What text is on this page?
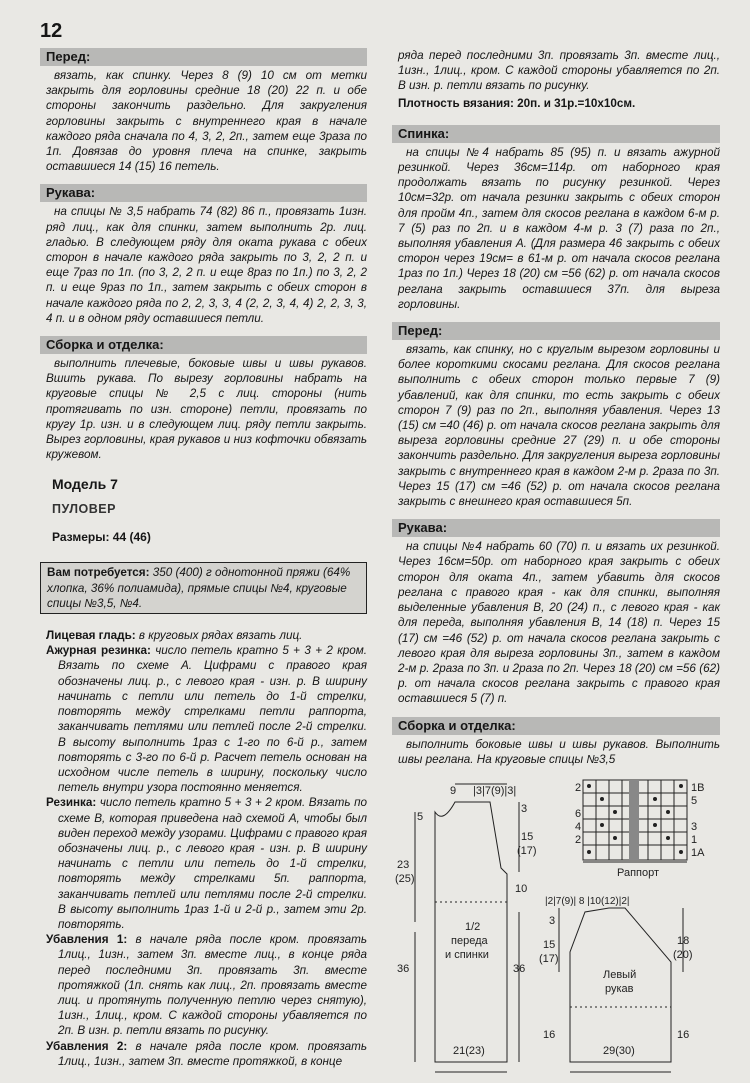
12
Перед:

вязать, как спинку. Через 8 (9) 10 см от метки закрыть для горловины средние 18 (20) 22 п. и обе стороны закончить раздельно. Для закругления горловины закрыть с внутреннего края в начале каждого ряда сначала по 4, 3, 2, 2п., затем еще 3раза по 1п. Довязав до уровня плеча на спинке, закрыть оставшиеся 14 (15) 16 петель.

Рукава:

на спицы № 3,5 набрать 74 (82) 86 п., провязать 1изн. ряд лиц., как для спинки, затем выполнить 2р. лиц. гладью. В следующем ряду для оката рукава с обеих сторон в начале каждого ряда закрыть по 3, 2, 2 п. и еще 7раз по 1п. (по 3, 2, 2 п. и еще 8раз по 1п.) по 3, 2, 2 п. и еще 9раз по 1п., затем закрыть с обеих сторон в начале каждого ряда по 2, 2, 3, 3, 4 (2, 2, 3, 4, 4) 2, 2, 3, 3, 4 п. и в одном ряду оставшиеся петли.

Сборка и отделка:

выполнить плечевые, боковые швы и швы рукавов. Вшить рукава. По вырезу горловины набрать на круговые спицы № 2,5 с лиц. стороны (нить протягивать по изн. стороне) петли, провязать по кругу 1р. изн. и в следующем лиц. ряду петли закрыть. Вырез горловины, края рукавов и низ кофточки обвязать кружевом.

Модель 7
ПУЛОВЕР
Размеры: 44 (46)
Вам потребуется: 350 (400) г однотонной пряжи (64% хлопка, 36% полиамида), прямые спицы №4, круговые спицы №3,5, №4.
Лицевая гладь: в круговых рядах вязать лиц.
Ажурная резинка: число петель кратно 5 + 3 + 2 кром. Вязать по схеме А. Цифрами с правого края обозначены лиц. р., с левого края - изн. р. В ширину начинать с петли или петель до 1-й стрелки, повторять между стрелками петли раппорта, заканчивать петлями или петлей после 2-й стрелки. В высоту выполнить 1раз с 1-го по 6-й р., затем повторять с 3-го по 6-й р. Расчет петель основан на исходном числе петель в ширину, поскольку число петель внутри узора постоянно меняется.
Резинка: число петель кратно 5 + 3 + 2 кром. Вязать по схеме В, которая приведена над схемой А, чтобы был виден переход между узорами. Цифрами с правого края обозначены лиц. р., с левого края - изн. р. В ширину начинать с петли или петель до 1-й стрелки, повторять между стрелками 5п. раппорта, заканчивать петлей или петлями после 2-й стрелки. В высоту выполнить 1раз 1-й и 2-й р., затем эти 2р. повторять.
Убавления 1: в начале ряда после кром. провязать 1лиц., 1изн., затем 3п. вместе лиц., в конце ряда перед последними 3п. провязать 3п. вместе протяжкой (1п. снять как лиц., 2п. провязать вместе лиц. и протянуть полученную петлю через снятую), 1изн., 1лиц., кром. С каждой стороны убавляется по 2п. В изн. р. петли вязать по рисунку.
Убавления 2: в начале ряда после кром. провязать 1лиц., 1изн., затем 3п. вместе протяжкой, в конце

ряда перед последними 3п. провязать 3п. вместе лиц., 1изн., 1лиц., кром. С каждой стороны убавляется по 2п. В изн. р. петли вязать по рисунку.

Плотность вязания: 20п. и 31р.=10x10см.

Спинка:

на спицы №4 набрать 85 (95) п. и вязать ажурной резинкой. Через 36см=114р. от наборного края продолжать вязать по рисунку резинкой. Через 10см=32р. от начала резинки закрыть с обеих сторон для пройм 4п., затем для скосов реглана в каждом 6-м р. 7 (5) раз по 2п. и в каждом 4-м р. 3 (7) раза по 2п., выполняя убавления А. (Для размера 46 закрыть с обеих сторон через 19см= в 61-м р. от начала скосов реглана 1раз по 1п.) Через 18 (20) см =56 (62) р. от начала скосов реглана закрыть оставшиеся 37п. для выреза горловины.

Перед:

вязать, как спинку, но с круглым вырезом горловины и более короткими скосами реглана. Для скосов реглана выполнить с обеих сторон только первые 7 (9) убавлений, как для спинки, то есть закрыть с обеих сторон 7 (9) раз по 2п., выполняя убавления. Через 13 (15) см =40 (46) р. от начала скосов реглана закрыть для выреза горловины средние 27 (29) п. и обе стороны закончить раздельно. Для закругления выреза горловины закрыть с внутреннего края в каждом 2-м р. 2раза по 3п. Через 15 (17) см =46 (52) р. от начала скосов реглана закрыть с внешнего края оставшиеся 5п.

Рукава:

на спицы №4 набрать 60 (70) п. и вязать их резинкой. Через 16см=50р. от наборного края закрыть с обеих сторон для оката 4п., затем убавить для скосов реглана с правого края - как для спинки, выполняя выделенные убавления В, 20 (24) п., с левого края - как для переда, выполняя убавления В, 14 (18) п. Через 15 (17) см =46 (52) р. от начала скосов реглана закрыть с левого края для выреза горловины 3п., затем в каждом 2-м р. 2раза по 3п. и 2раза по 2п. Через 18 (20) см =56 (62) р. от начала скосов реглана закрыть с правого края оставшиеся 5 (7) п.

Сборка и отделка:

выполнить боковые швы и швы рукавов. Выполнить швы реглана. На круговые спицы №3,5

9 |3|7(9)|3|
5
3
15
(17)
23
(25)
10
1/2
переда
и спинки
36	36
21(23)
|2|7(9)| 8 |10(12)|2|
3
15
(17)
18
(20)
Левый
рукав
16	16
29(30)
2
6
4
2
1B
5
3
1
1A
Раппорт
